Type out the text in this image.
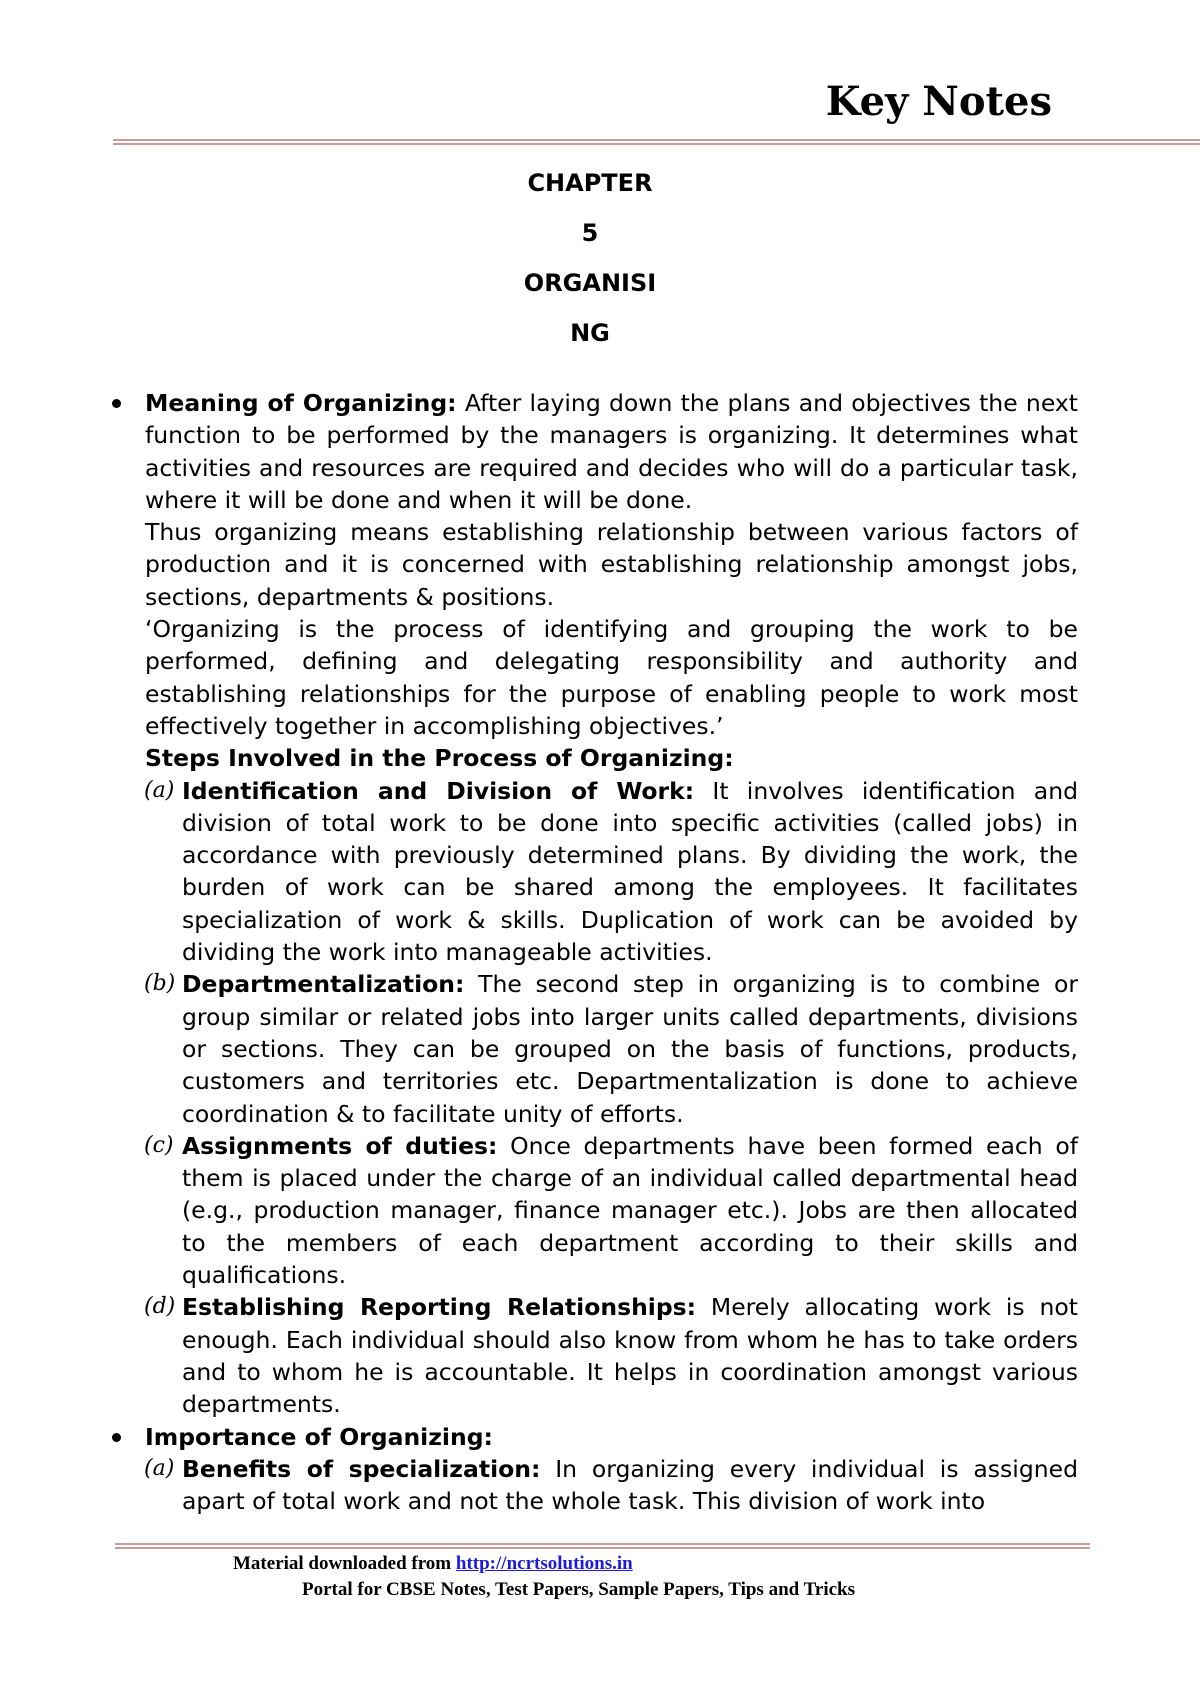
Key Notes
CHAPTER
5
ORGANISI
NG

Meaning of Organizing: After laying down the plans and objectives the next function to be performed by the managers is organizing. It determines what activities and resources are required and decides who will do a particular task, where it will be done and when it will be done.

Thus organizing means establishing relationship between various factors of production and it is concerned with establishing relationship amongst jobs, sections, departments & positions.

‘Organizing is the process of identifying and grouping the work to be performed, defining and delegating responsibility and authority and establishing relationships for the purpose of enabling people to work most effectively together in accomplishing objectives.’

Steps Involved in the Process of Organizing:

(a) Identification and Division of Work: It involves identification and division of total work to be done into specific activities (called jobs) in accordance with previously determined plans. By dividing the work, the burden of work can be shared among the employees. It facilitates specialization of work & skills. Duplication of work can be avoided by dividing the work into manageable activities.

(b) Departmentalization: The second step in organizing is to combine or group similar or related jobs into larger units called departments, divisions or sections. They can be grouped on the basis of functions, products, customers and territories etc. Departmentalization is done to achieve coordination & to facilitate unity of efforts.

(c) Assignments of duties: Once departments have been formed each of them is placed under the charge of an individual called departmental head (e.g., production manager, finance manager etc.). Jobs are then allocated to the members of each department according to their skills and qualifications.

(d) Establishing Reporting Relationships: Merely allocating work is not enough. Each individual should also know from whom he has to take orders and to whom he is accountable. It helps in coordination amongst various departments.

Importance of Organizing:

(a) Benefits of specialization: In organizing every individual is assigned apart of total work and not the whole task. This division of work into

Material downloaded from http://ncrtsolutions.in
Portal for CBSE Notes, Test Papers, Sample Papers, Tips and Tricks
